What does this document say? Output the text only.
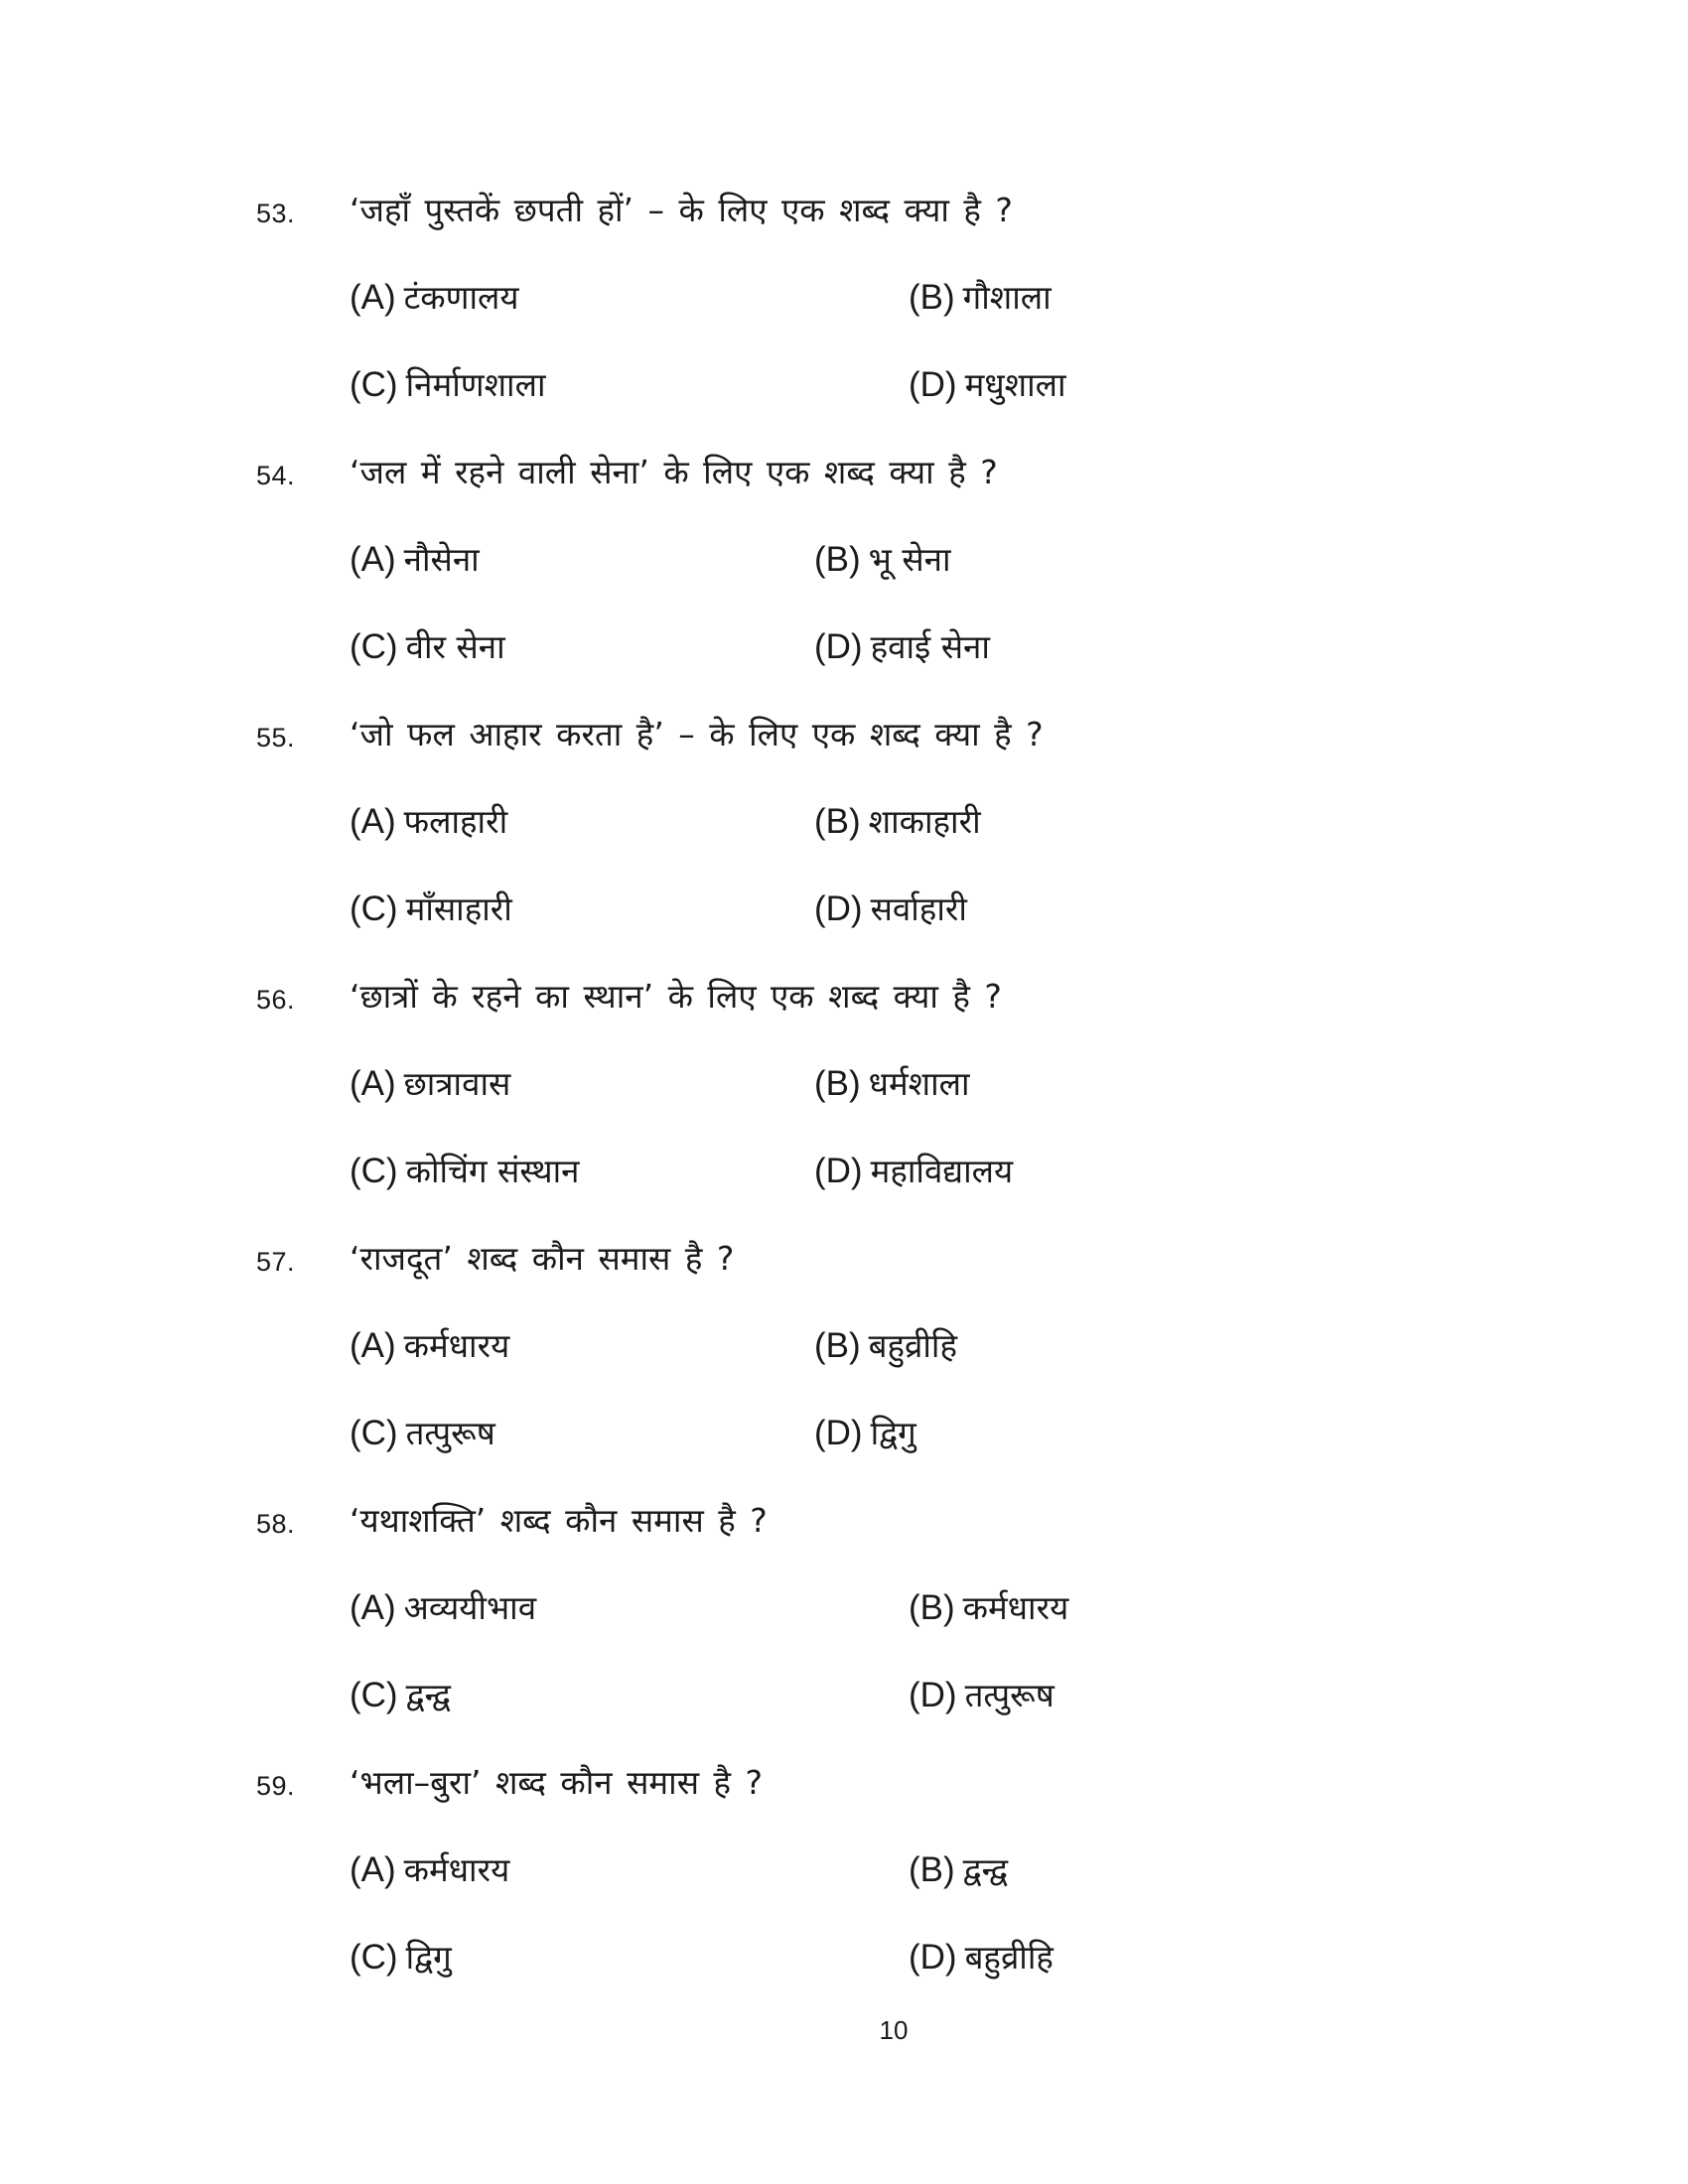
53. ‘जहाँ पुस्तकें छपती हों’ – के लिए एक शब्द क्या है ?
(A) टंकणालय	(B) गौशाला
(C) निर्माणशाला	(D) मधुशाला
54. ‘जल में रहने वाली सेना’ के लिए एक शब्द क्या है ?
(A) नौसेना	(B) भू सेना
(C) वीर सेना	(D) हवाई सेना
55. ‘जो फल आहार करता है’ – के लिए एक शब्द क्या है ?
(A) फलाहारी	(B) शाकाहारी
(C) माँसाहारी	(D) सर्वाहारी
56. ‘छात्रों के रहने का स्थान’ के लिए एक शब्द क्या है ?
(A) छात्रावास	(B) धर्मशाला
(C) कोचिंग संस्थान	(D) महाविद्यालय
57. ‘राजदूत’ शब्द कौन समास है ?
(A) कर्मधारय	(B) बहुव्रीहि
(C) तत्पुरूष	(D) द्विगु
58. ‘यथाशक्ति’ शब्द कौन समास है ?
(A) अव्ययीभाव	(B) कर्मधारय
(C) द्वन्द्व	(D) तत्पुरूष
59. ‘भला–बुरा’ शब्द कौन समास है ?
(A) कर्मधारय	(B) द्वन्द्व
(C) द्विगु	(D) बहुव्रीहि
10
